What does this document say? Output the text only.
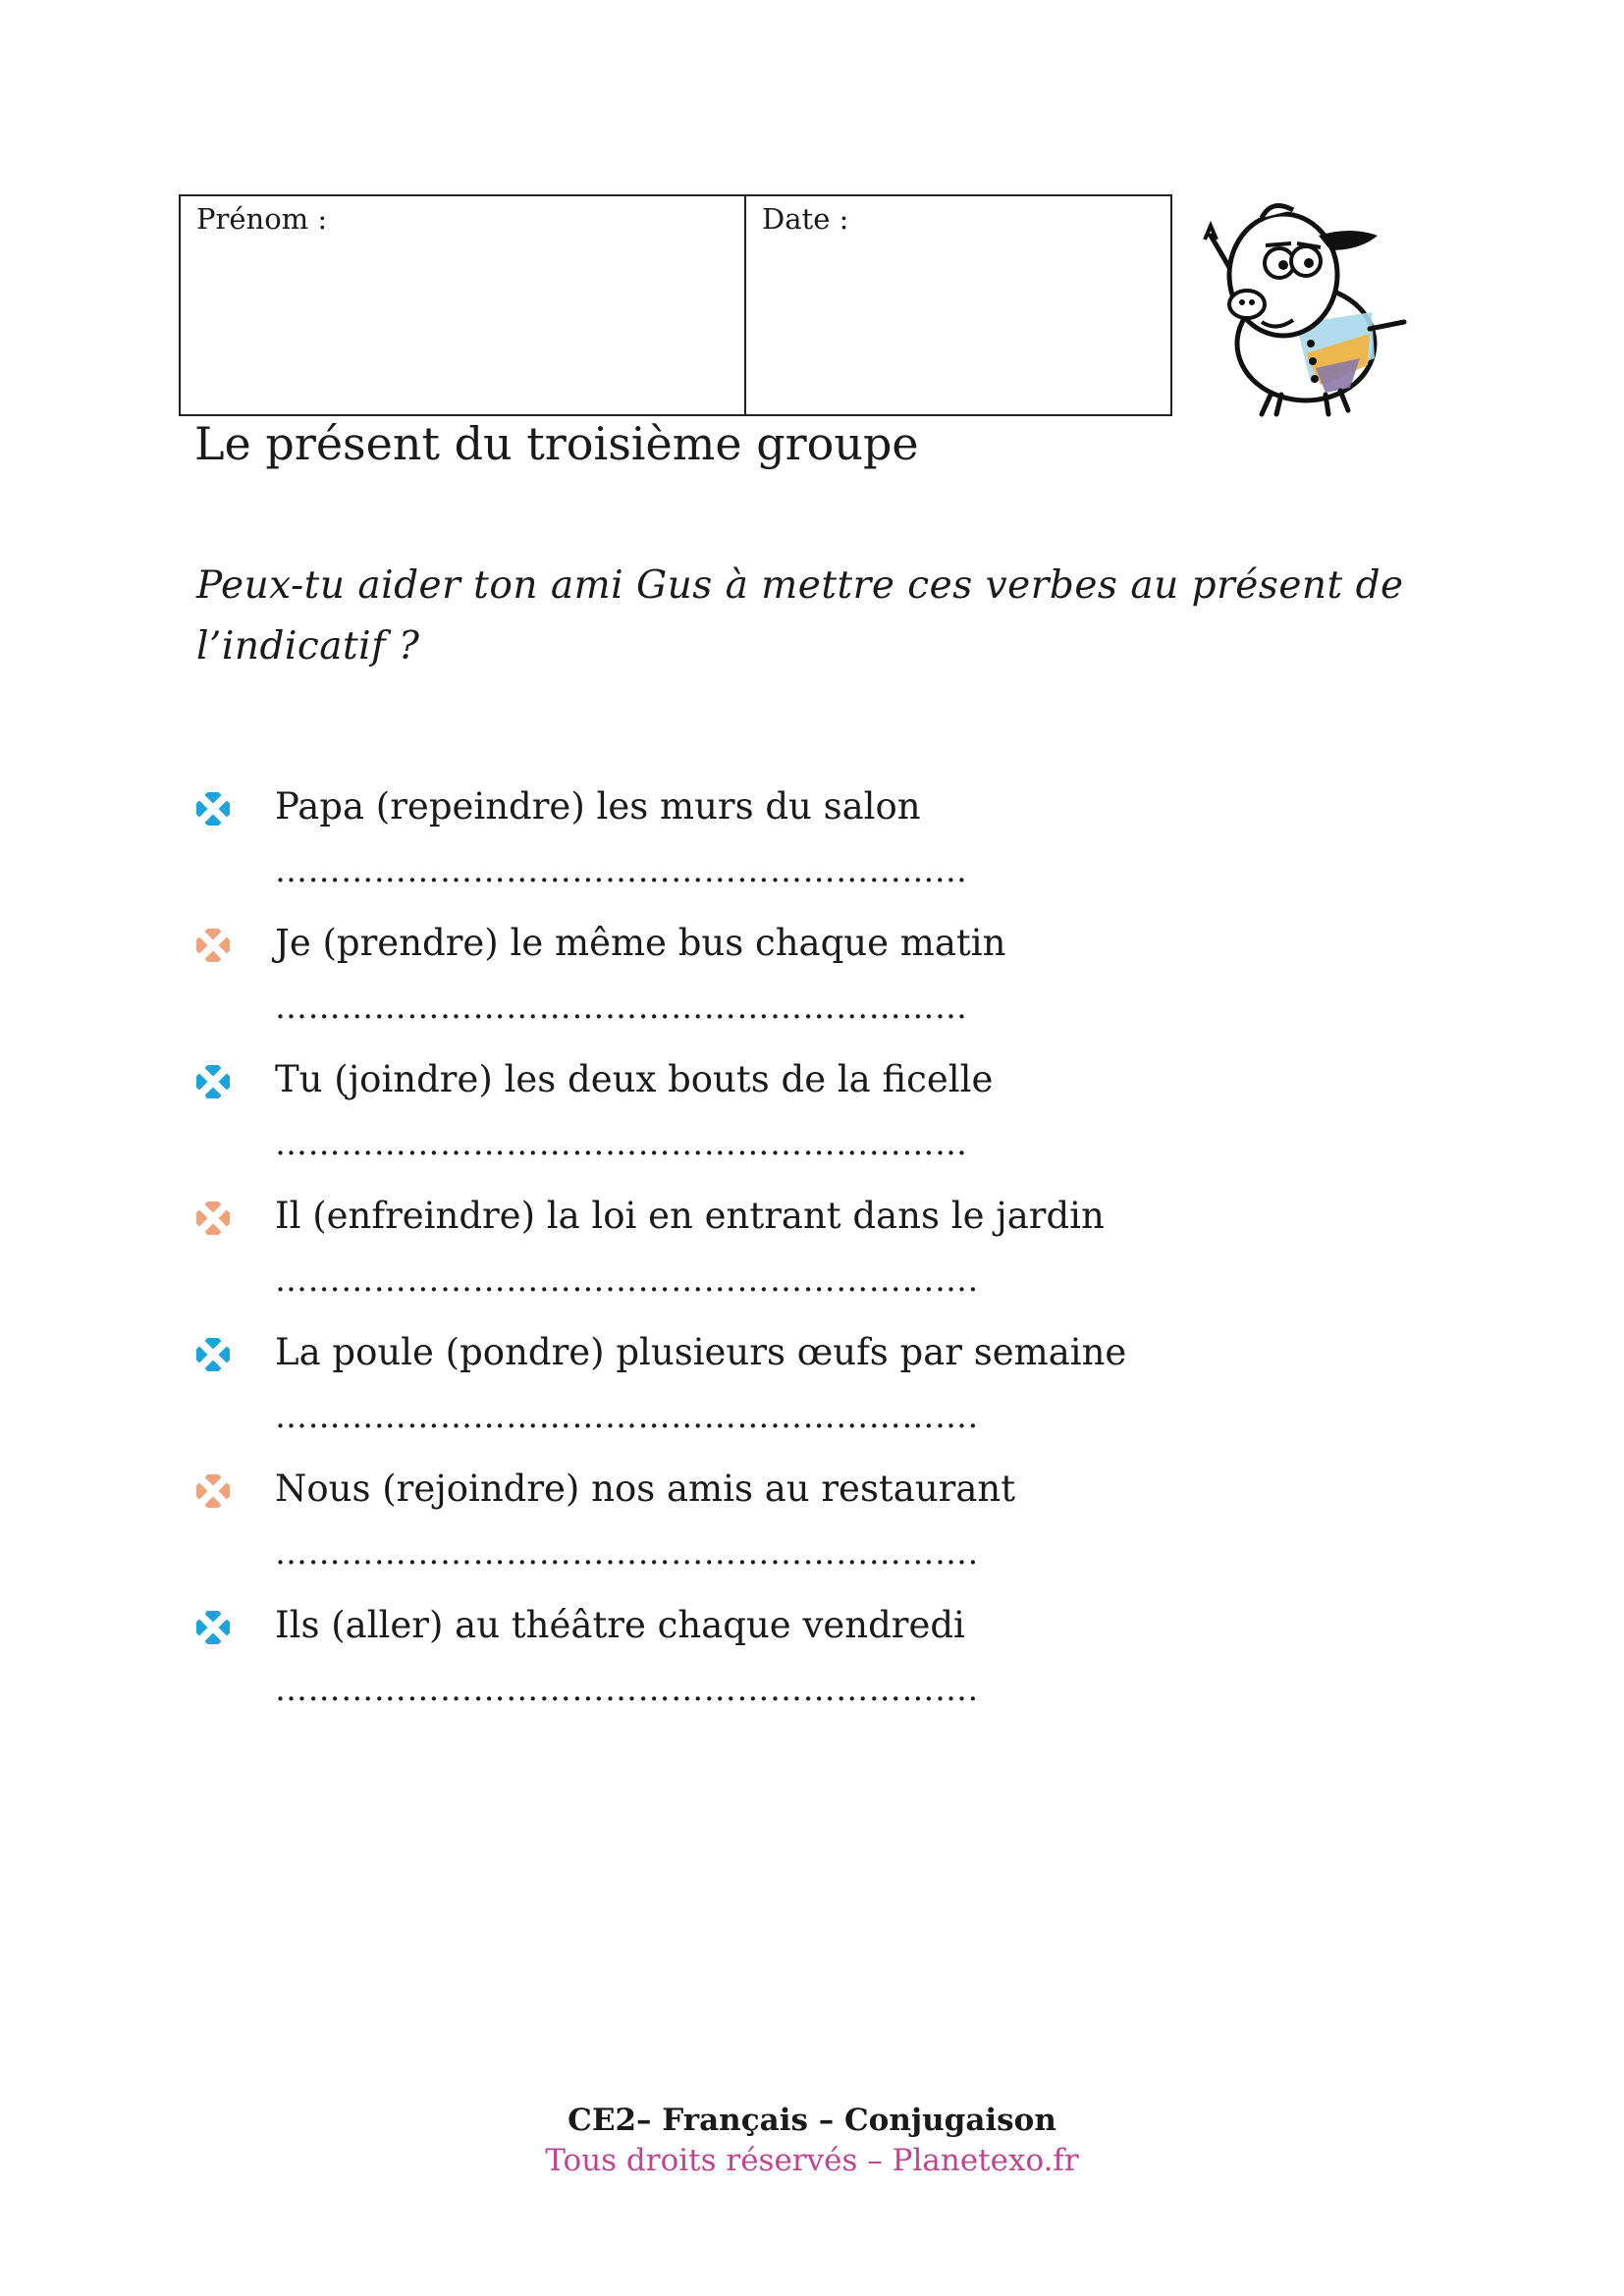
Prénom :	Date :
Le présent du troisième groupe
Peux-tu aider ton ami Gus à mettre ces verbes au présent de l’indicatif ?
Papa (repeindre) les murs du salon
……………………………………………………...
Je (prendre) le même bus chaque matin
………………………………………………………
Tu (joindre) les deux bouts de la ficelle
………………………………………………………
Il (enfreindre) la loi en entrant dans le jardin
……………………………………………………….
La poule (pondre) plusieurs œufs par semaine
……………………………………………………….
Nous (rejoindre) nos amis au restaurant
……………………………………………………….
Ils (aller) au théâtre chaque vendredi
……………………………………………………….
CE2– Français – Conjugaison
Tous droits réservés – Planetexo.fr
